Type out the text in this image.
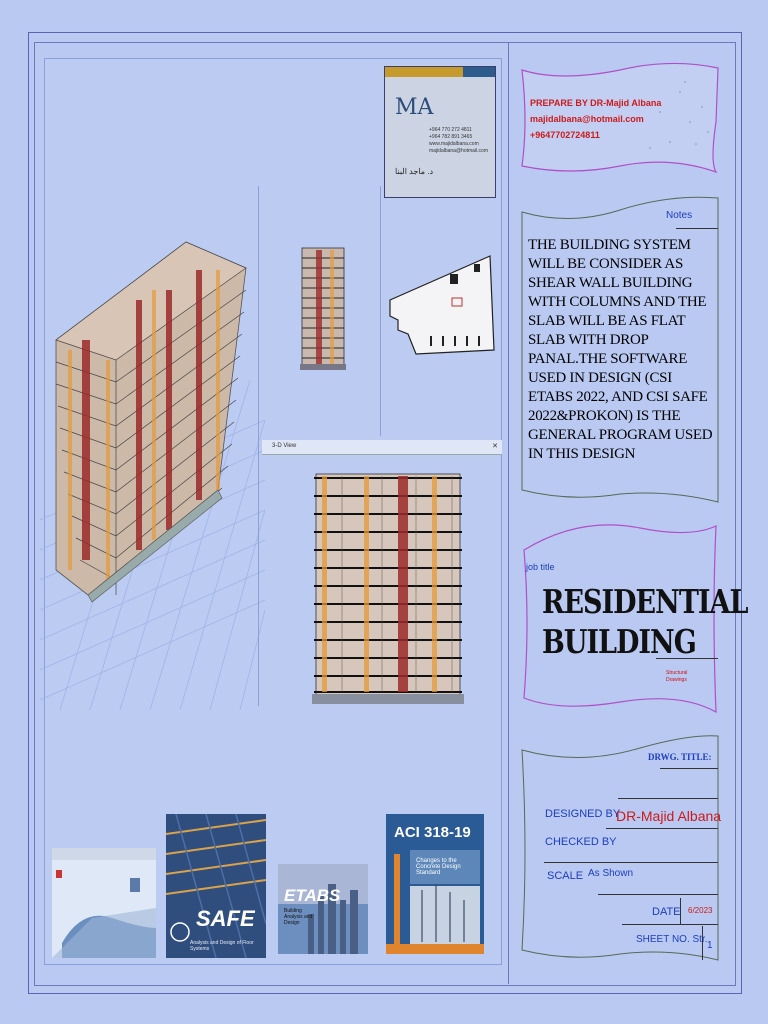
MA
+964 770 272 4811
+964 782 891 3465
www.majidalbana.com
majidalbana@hotmail.com
د. ماجد البنا
3-D View	✕
SAFE
Analysis and Design of Floor Systems
ETABS
Building Analysis and Design
ACI 318-19
Changes to the Concrete Design Standard
PREPARE BY DR-Majid Albana
majidalbana@hotmail.com
+9647702724811
Notes
THE BUILDING SYSTEM WILL BE CONSIDER AS SHEAR WALL BUILDING WITH COLUMNS AND THE SLAB WILL BE AS FLAT SLAB WITH DROP PANAL.THE SOFTWARE USED IN DESIGN (CSI ETABS 2022, AND CSI SAFE 2022&PROKON) IS THE GENERAL PROGRAM USED IN THIS DESIGN
job title
RESIDENTIAL
BUILDING
Structural
Drawings
DRWG. TITLE:
DESIGNED BY
DR-Majid Albana
CHECKED BY
SCALE As Shown
DATE 6/2023
SHEET NO. Str.
1
